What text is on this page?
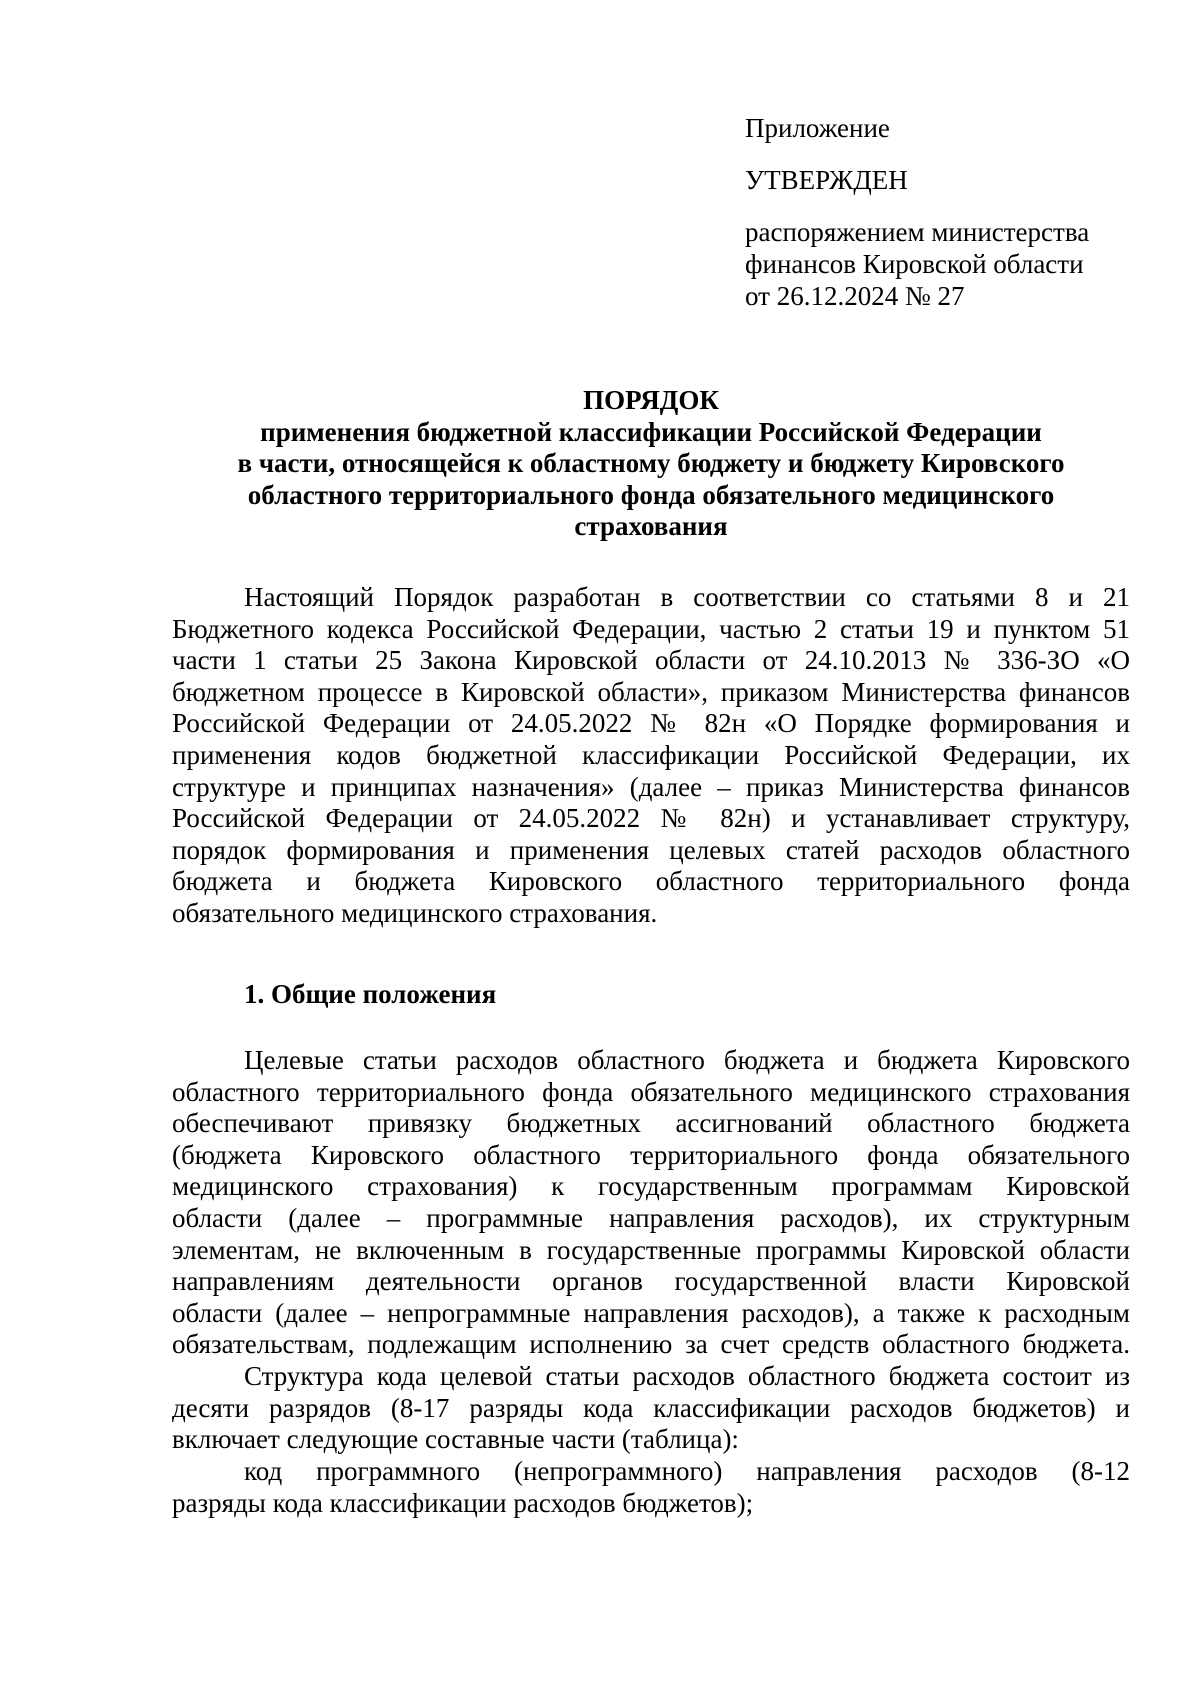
Приложение
УТВЕРЖДЕН
распоряжением министерства
финансов Кировской области
от 26.12.2024 № 27
ПОРЯДОК
применения бюджетной классификации Российской Федерации
в части, относящейся к областному бюджету и бюджету Кировского
областного территориального фонда обязательного медицинского
страхования
Настоящий Порядок разработан в соответствии со статьями 8 и 21
Бюджетного кодекса Российской Федерации, частью 2 статьи 19 и пунктом 51
части 1 статьи 25 Закона Кировской области от 24.10.2013 № 336-ЗО «О
бюджетном процессе в Кировской области», приказом Министерства финансов
Российской Федерации от 24.05.2022 № 82н «О Порядке формирования и
применения кодов бюджетной классификации Российской Федерации, их
структуре и принципах назначения» (далее – приказ Министерства финансов
Российской Федерации от 24.05.2022 № 82н) и устанавливает структуру,
порядок формирования и применения целевых статей расходов областного
бюджета и бюджета Кировского областного территориального фонда
обязательного медицинского страхования.
1. Общие положения
Целевые статьи расходов областного бюджета и бюджета Кировского
областного территориального фонда обязательного медицинского страхования
обеспечивают привязку бюджетных ассигнований областного бюджета
(бюджета Кировского областного территориального фонда обязательного
медицинского страхования) к государственным программам Кировской
области (далее – программные направления расходов), их структурным
элементам, не включенным в государственные программы Кировской области
направлениям деятельности органов государственной власти Кировской
области (далее – непрограммные направления расходов), а также к расходным
обязательствам, подлежащим исполнению за счет средств областного бюджета.
Структура кода целевой статьи расходов областного бюджета состоит из
десяти разрядов (8-17 разряды кода классификации расходов бюджетов) и
включает следующие составные части (таблица):
код программного (непрограммного) направления расходов (8-12
разряды кода классификации расходов бюджетов);
